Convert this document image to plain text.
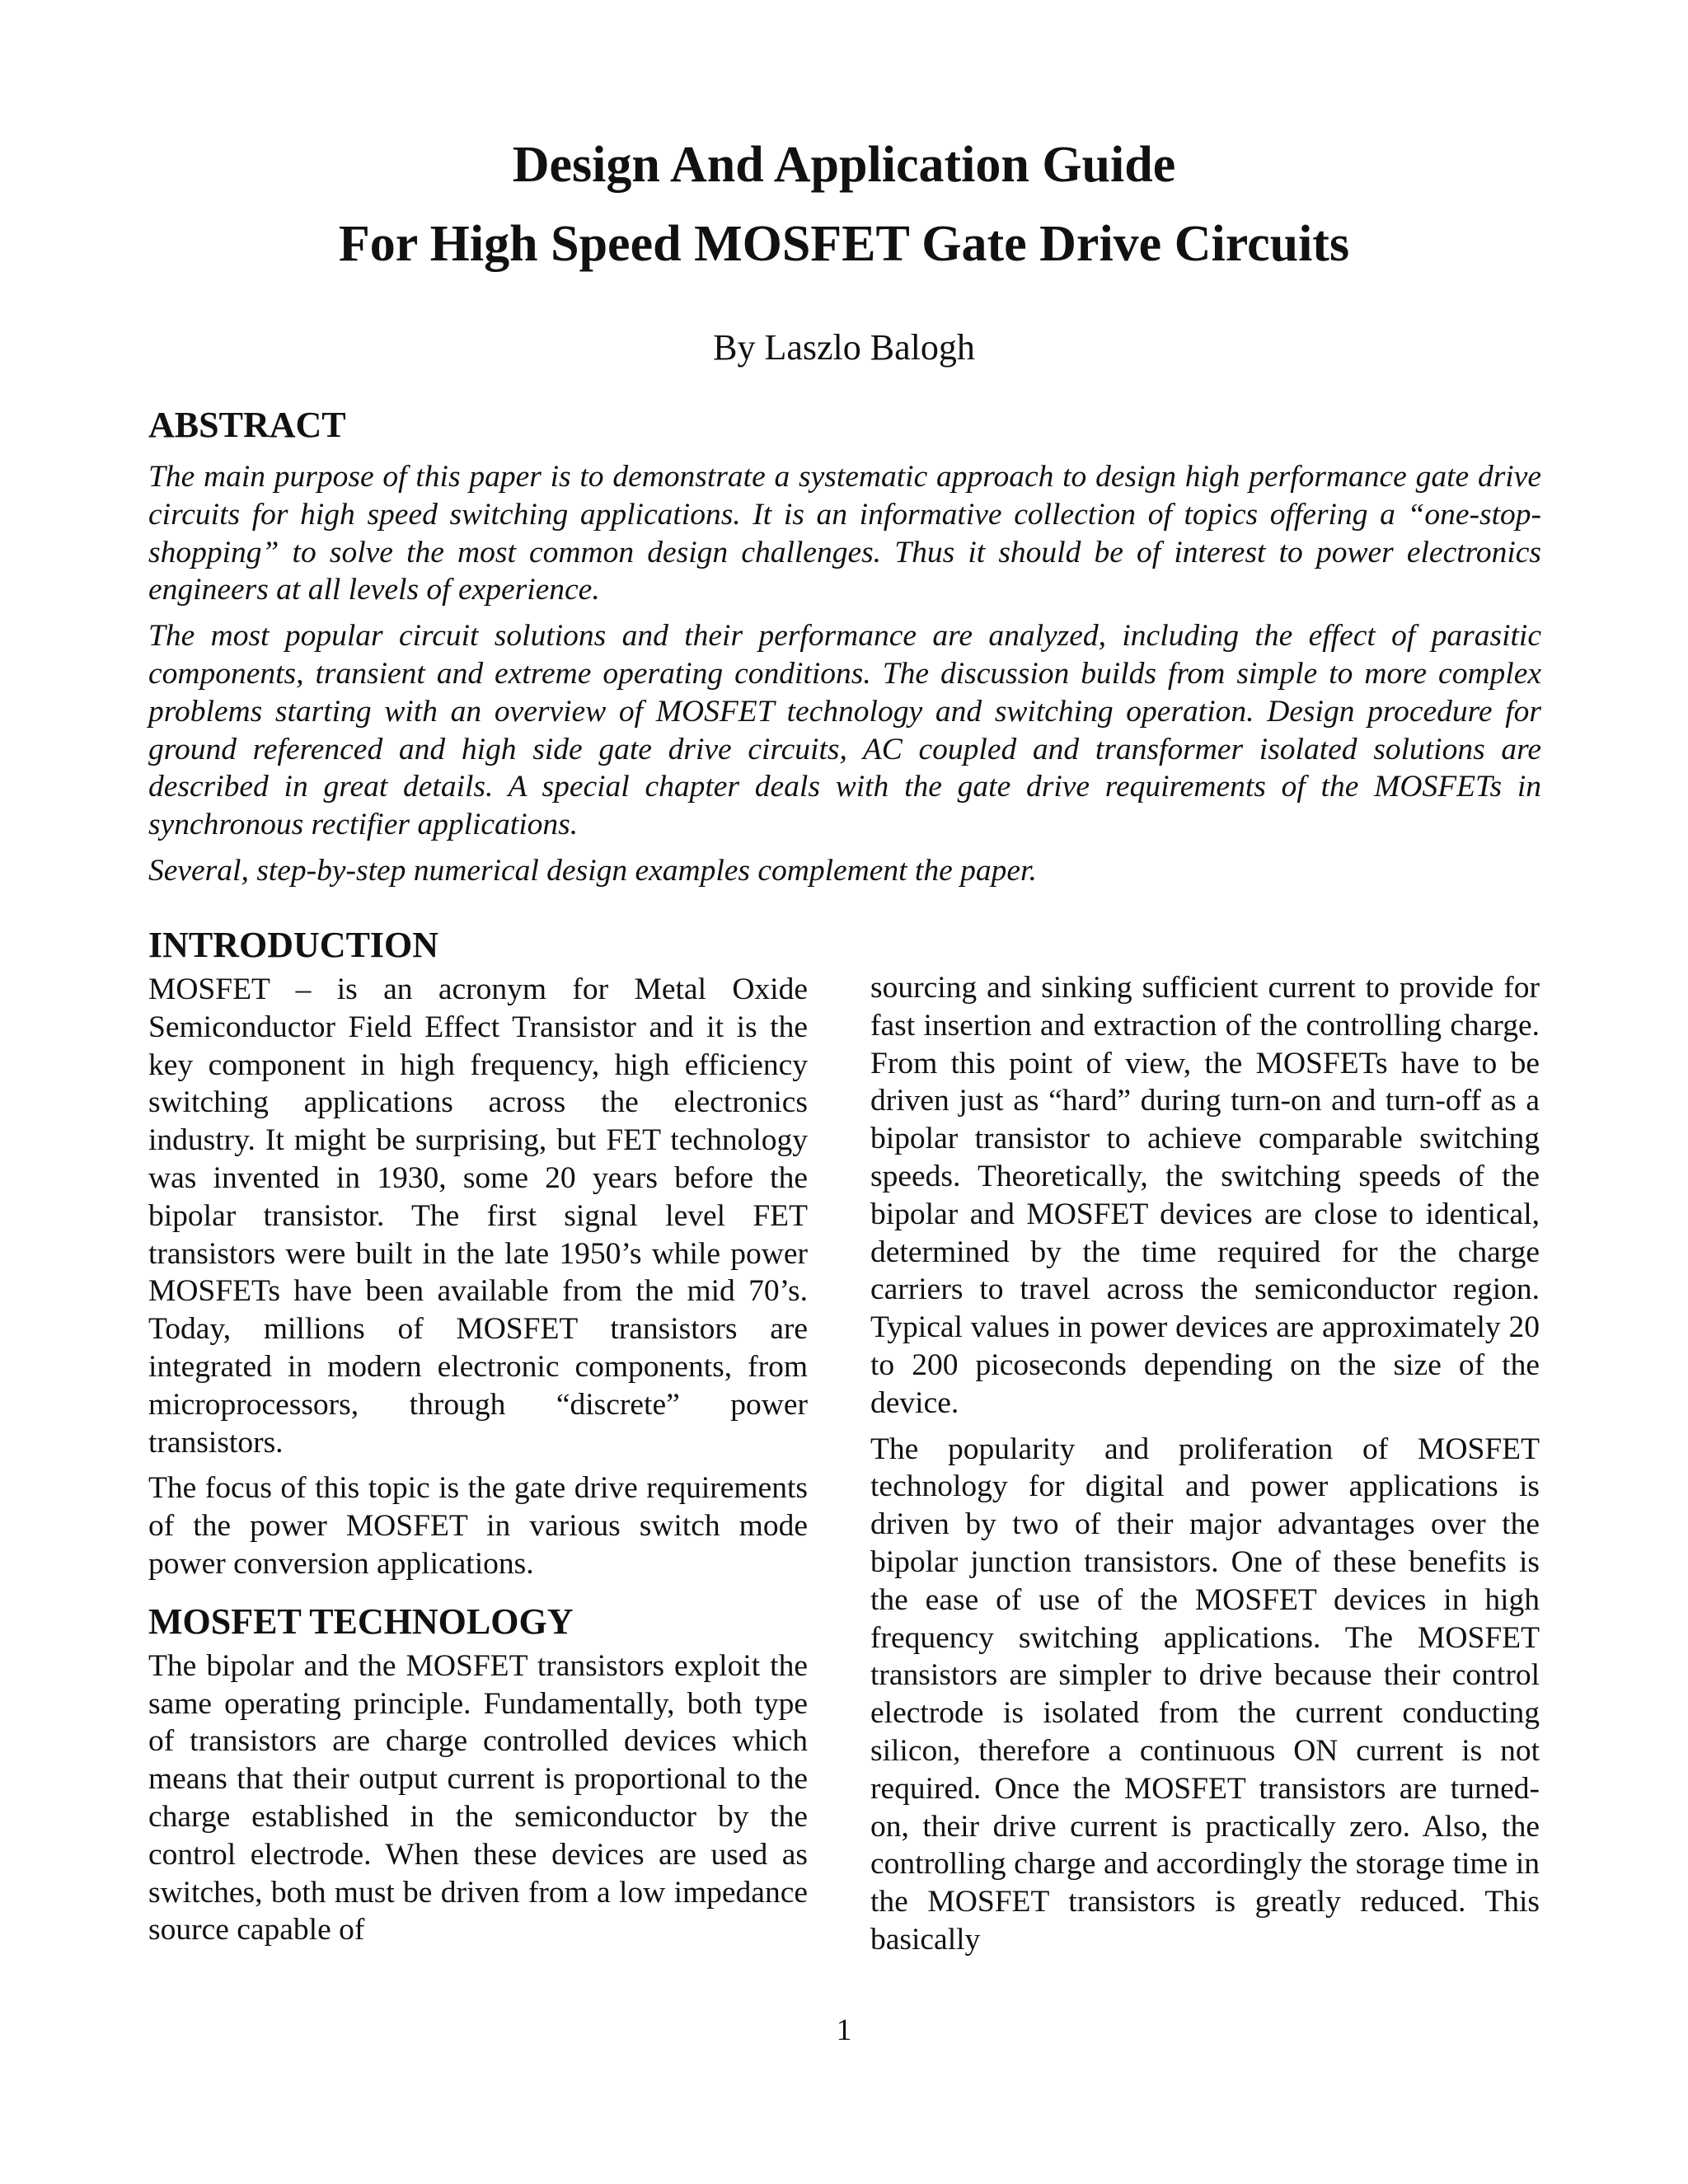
Design And Application Guide
For High Speed MOSFET Gate Drive Circuits
By Laszlo Balogh
ABSTRACT

The main purpose of this paper is to demonstrate a systematic approach to design high performance gate drive circuits for high speed switching applications. It is an informative collection of topics offering a “one-stop-shopping” to solve the most common design challenges. Thus it should be of interest to power electronics engineers at all levels of experience.

The most popular circuit solutions and their performance are analyzed, including the effect of parasitic components, transient and extreme operating conditions. The discussion builds from simple to more complex problems starting with an overview of MOSFET technology and switching operation. Design procedure for ground referenced and high side gate drive circuits, AC coupled and transformer isolated solutions are described in great details. A special chapter deals with the gate drive requirements of the MOSFETs in synchronous rectifier applications.

Several, step-by-step numerical design examples complement the paper.

INTRODUCTION

MOSFET – is an acronym for Metal Oxide Semiconductor Field Effect Transistor and it is the key component in high frequency, high efficiency switching applications across the electronics industry. It might be surprising, but FET technology was invented in 1930, some 20 years before the bipolar transistor. The first signal level FET transistors were built in the late 1950’s while power MOSFETs have been available from the mid 70’s. Today, millions of MOSFET transistors are integrated in modern electronic components, from microprocessors, through “discrete” power transistors.

The focus of this topic is the gate drive requirements of the power MOSFET in various switch mode power conversion applications.

MOSFET TECHNOLOGY

The bipolar and the MOSFET transistors exploit the same operating principle. Fundamentally, both type of transistors are charge controlled devices which means that their output current is proportional to the charge established in the semiconductor by the control electrode. When these devices are used as switches, both must be driven from a low impedance source capable of

sourcing and sinking sufficient current to provide for fast insertion and extraction of the controlling charge. From this point of view, the MOSFETs have to be driven just as “hard” during turn-on and turn-off as a bipolar transistor to achieve comparable switching speeds. Theoretically, the switching speeds of the bipolar and MOSFET devices are close to identical, determined by the time required for the charge carriers to travel across the semiconductor region. Typical values in power devices are approximately 20 to 200 picoseconds depending on the size of the device.

The popularity and proliferation of MOSFET technology for digital and power applications is driven by two of their major advantages over the bipolar junction transistors. One of these benefits is the ease of use of the MOSFET devices in high frequency switching applications. The MOSFET transistors are simpler to drive because their control electrode is isolated from the current conducting silicon, therefore a continuous ON current is not required. Once the MOSFET transistors are turned-on, their drive current is practically zero. Also, the controlling charge and accordingly the storage time in the MOSFET transistors is greatly reduced. This basically

1
